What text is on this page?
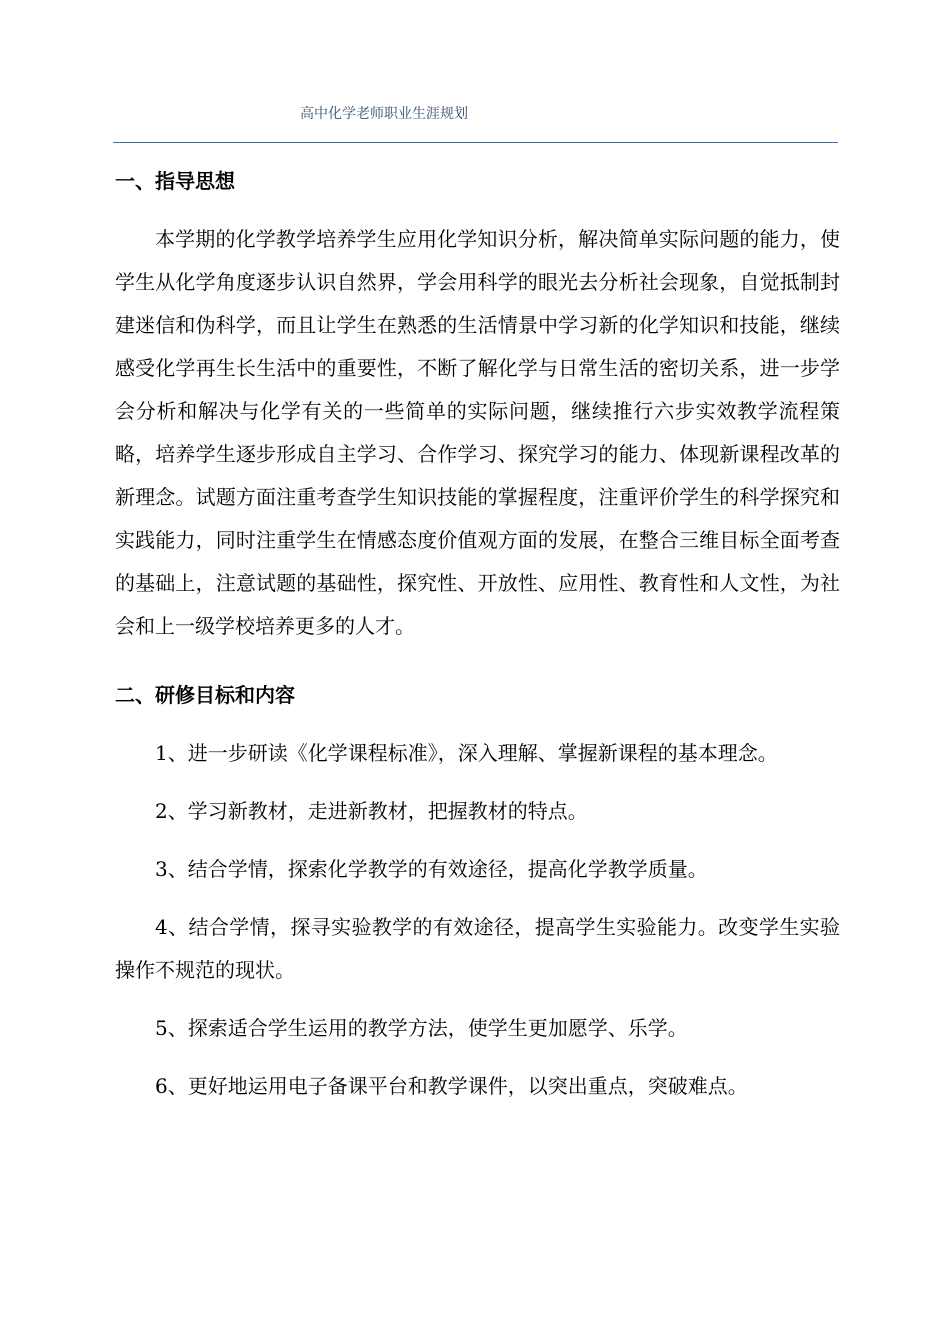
高中化学老师职业生涯规划
一、指导思想

本学期的化学教学培养学生应用化学知识分析，解决简单实际问题的能力，使学生从化学角度逐步认识自然界，学会用科学的眼光去分析社会现象，自觉抵制封建迷信和伪科学，而且让学生在熟悉的生活情景中学习新的化学知识和技能，继续感受化学再生长生活中的重要性，不断了解化学与日常生活的密切关系，进一步学会分析和解决与化学有关的一些简单的实际问题，继续推行六步实效教学流程策略，培养学生逐步形成自主学习、合作学习、探究学习的能力、体现新课程改革的新理念。试题方面注重考查学生知识技能的掌握程度，注重评价学生的科学探究和实践能力，同时注重学生在情感态度价值观方面的发展，在整合三维目标全面考查的基础上，注意试题的基础性，探究性、开放性、应用性、教育性和人文性，为社会和上一级学校培养更多的人才。

二、研修目标和内容

1、进一步研读《化学课程标准》，深入理解、掌握新课程的基本理念。

2、学习新教材，走进新教材，把握教材的特点。

3、结合学情，探索化学教学的有效途径，提高化学教学质量。

4、结合学情，探寻实验教学的有效途径，提高学生实验能力。改变学生实验操作不规范的现状。

5、探索适合学生运用的教学方法，使学生更加愿学、乐学。

6、更好地运用电子备课平台和教学课件，以突出重点，突破难点。
